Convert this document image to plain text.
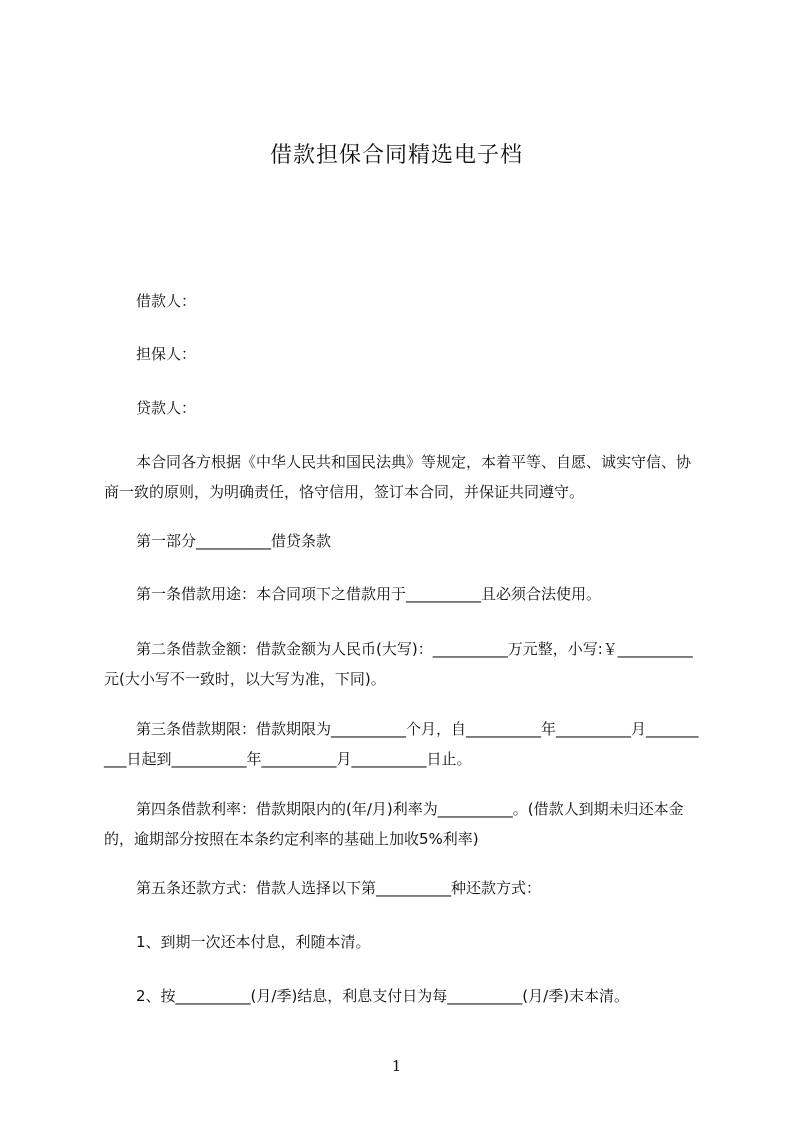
借款担保合同精选电子档
借款人：
担保人：
贷款人：
本合同各方根据《中华人民共和国民法典》等规定，本着平等、自愿、诚实守信、协商一致的原则，为明确责任，恪守信用，签订本合同，并保证共同遵守。
第一部分__________借贷条款
第一条借款用途：本合同项下之借款用于__________且必须合法使用。
第二条借款金额：借款金额为人民币(大写)：__________万元整，小写:￥__________元(大小写不一致时，以大写为准，下同)。
第三条借款期限：借款期限为__________个月，自__________年__________月__________日起到__________年__________月__________日止。
第四条借款利率：借款期限内的(年/月)利率为__________。(借款人到期未归还本金的，逾期部分按照在本条约定利率的基础上加收5%利率)
第五条还款方式：借款人选择以下第__________种还款方式：
1、到期一次还本付息，利随本清。
2、按__________(月/季)结息，利息支付日为每__________(月/季)末本清。
1
